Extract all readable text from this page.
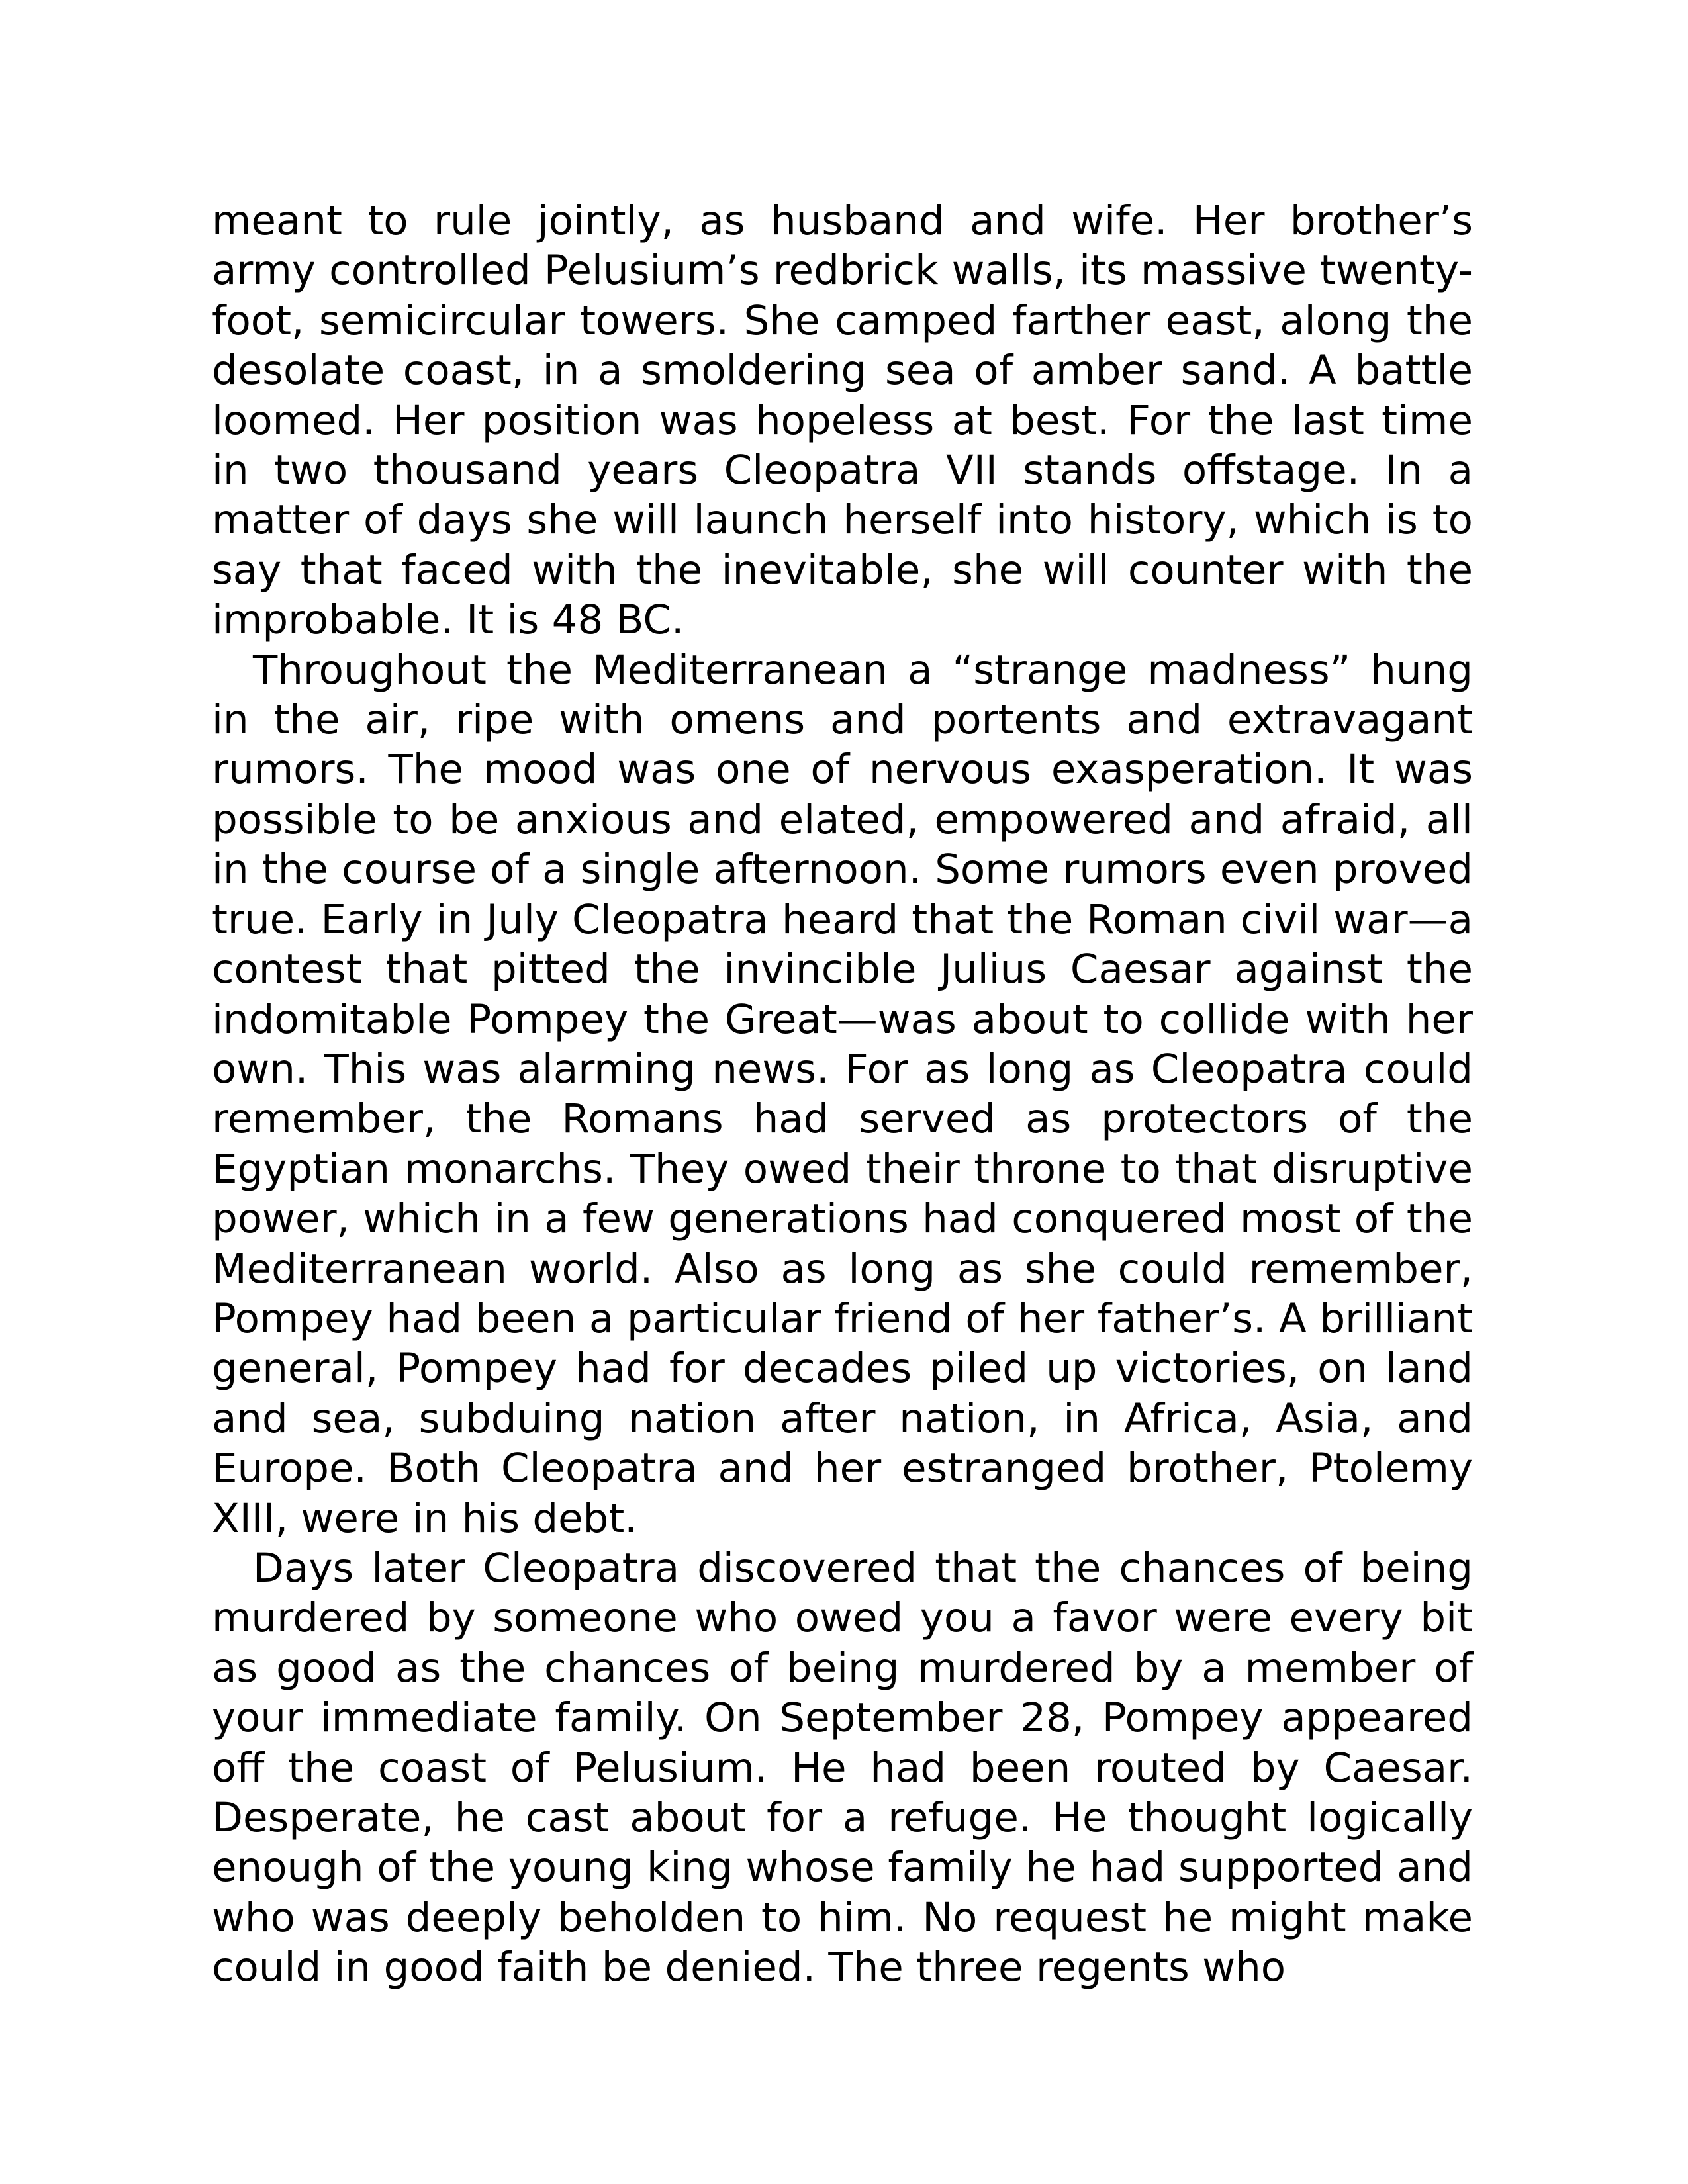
meant to rule jointly, as husband and wife. Her brother’s army controlled Pelusium’s redbrick walls, its massive twenty-foot, semicircular towers. She camped farther east, along the desolate coast, in a smoldering sea of amber sand. A battle loomed. Her position was hopeless at best. For the last time in two thousand years Cleopatra VII stands offstage. In a matter of days she will launch herself into history, which is to say that faced with the inevitable, she will counter with the improbable. It is 48 BC.

Throughout the Mediterranean a “strange madness” hung in the air, ripe with omens and portents and extravagant rumors. The mood was one of nervous exasperation. It was possible to be anxious and elated, empowered and afraid, all in the course of a single afternoon. Some rumors even proved true. Early in July Cleopatra heard that the Roman civil war—a contest that pitted the invincible Julius Caesar against the indomitable Pompey the Great—was about to collide with her own. This was alarming news. For as long as Cleopatra could remember, the Romans had served as protectors of the Egyptian monarchs. They owed their throne to that disruptive power, which in a few generations had conquered most of the Mediterranean world. Also as long as she could remember, Pompey had been a particular friend of her father’s. A brilliant general, Pompey had for decades piled up victories, on land and sea, subduing nation after nation, in Africa, Asia, and Europe. Both Cleopatra and her estranged brother, Ptolemy XIII, were in his debt.

Days later Cleopatra discovered that the chances of being murdered by someone who owed you a favor were every bit as good as the chances of being murdered by a member of your immediate family. On September 28, Pompey appeared off the coast of Pelusium. He had been routed by Caesar. Desperate, he cast about for a refuge. He thought logically enough of the young king whose family he had supported and who was deeply beholden to him. No request he might make could in good faith be denied. The three regents who
